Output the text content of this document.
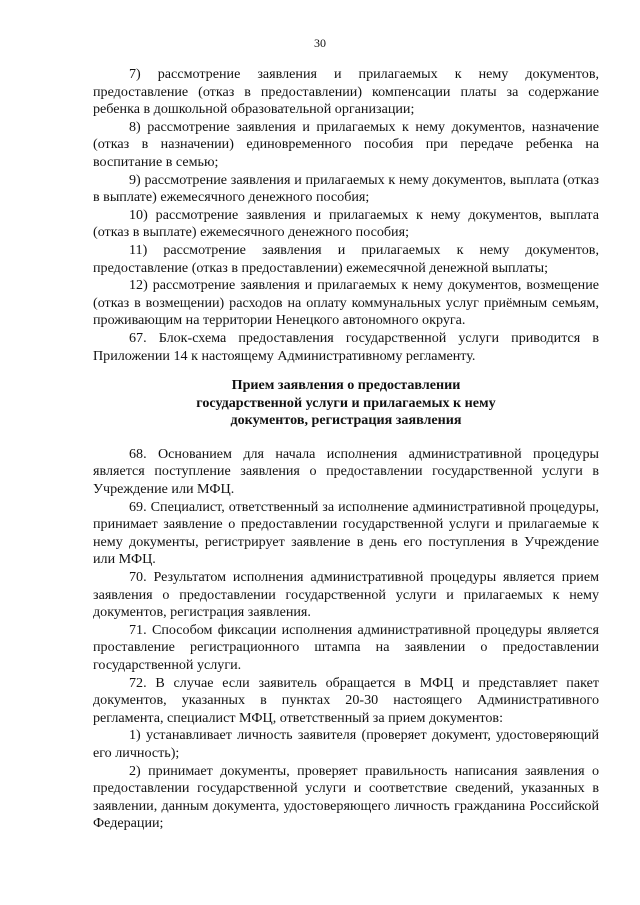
30

7) рассмотрение заявления и прилагаемых к нему документов, предоставление (отказ в предоставлении) компенсации платы за содержание ребенка в дошкольной образовательной организации;

8) рассмотрение заявления и прилагаемых к нему документов, назначение (отказ в назначении) единовременного пособия при передаче ребенка на воспитание в семью;

9) рассмотрение заявления и прилагаемых к нему документов, выплата (отказ в выплате) ежемесячного денежного пособия;

10) рассмотрение заявления и прилагаемых к нему документов, выплата (отказ в выплате) ежемесячного денежного пособия;

11) рассмотрение заявления и прилагаемых к нему документов, предоставление (отказ в предоставлении) ежемесячной денежной выплаты;

12) рассмотрение заявления и прилагаемых к нему документов, возмещение (отказ в возмещении) расходов на оплату коммунальных услуг приёмным семьям, проживающим на территории Ненецкого автономного округа.

67. Блок-схема предоставления государственной услуги приводится в Приложении 14 к настоящему Административному регламенту.

Прием заявления о предоставлении
государственной услуги и прилагаемых к нему
документов, регистрация заявления

68. Основанием для начала исполнения административной процедуры является поступление заявления о предоставлении государственной услуги в Учреждение или МФЦ.

69. Специалист, ответственный за исполнение административной процедуры, принимает заявление о предоставлении государственной услуги и прилагаемые к нему документы, регистрирует заявление в день его поступления в Учреждение или МФЦ.

70. Результатом исполнения административной процедуры является прием заявления о предоставлении государственной услуги и прилагаемых к нему документов, регистрация заявления.

71. Способом фиксации исполнения административной процедуры является проставление регистрационного штампа на заявлении о предоставлении государственной услуги.

72. В случае если заявитель обращается в МФЦ и представляет пакет документов, указанных в пунктах 20-30 настоящего Административного регламента, специалист МФЦ, ответственный за прием документов:

1) устанавливает личность заявителя (проверяет документ, удостоверяющий его личность);

2) принимает документы, проверяет правильность написания заявления о предоставлении государственной услуги и соответствие сведений, указанных в заявлении, данным документа, удостоверяющего личность гражданина Российской Федерации;
